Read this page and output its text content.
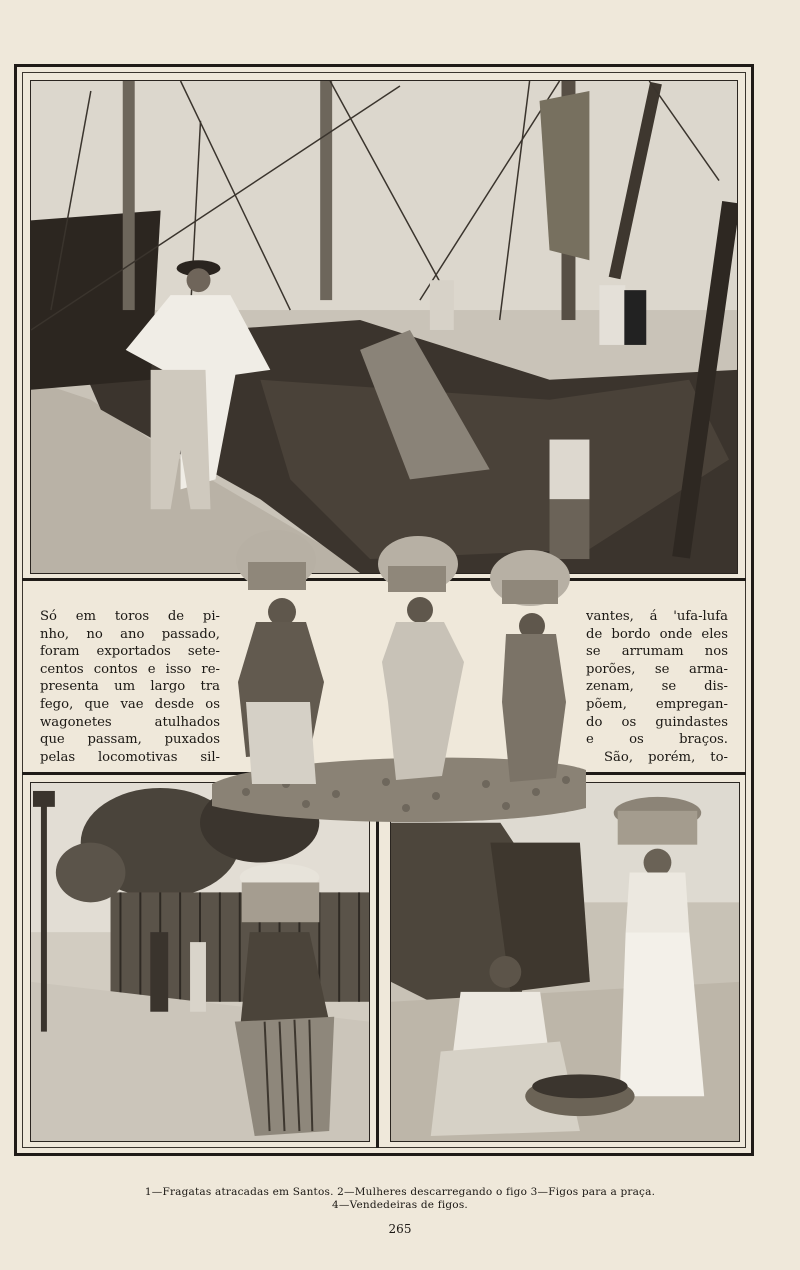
Só em toros de pi-
nho, no ano passado,
foram exportados sete-
centos contos e isso re-
presenta um largo tra
fego, que vae desde os
wagonetes atulhados
que passam, puxados
pelas locomotivas sil-
vantes, á 'ufa-lufa
de bordo onde eles
se arrumam nos
porões, se arma-
zenam, se dis-
põem, empregan-
do os guindastes
e os braços.
São, porém, to-
1—Fragatas atracadas em Santos. 2—Mulheres descarregando o figo 3—Figos para a praça.
4—Vendedeiras de figos.
265
